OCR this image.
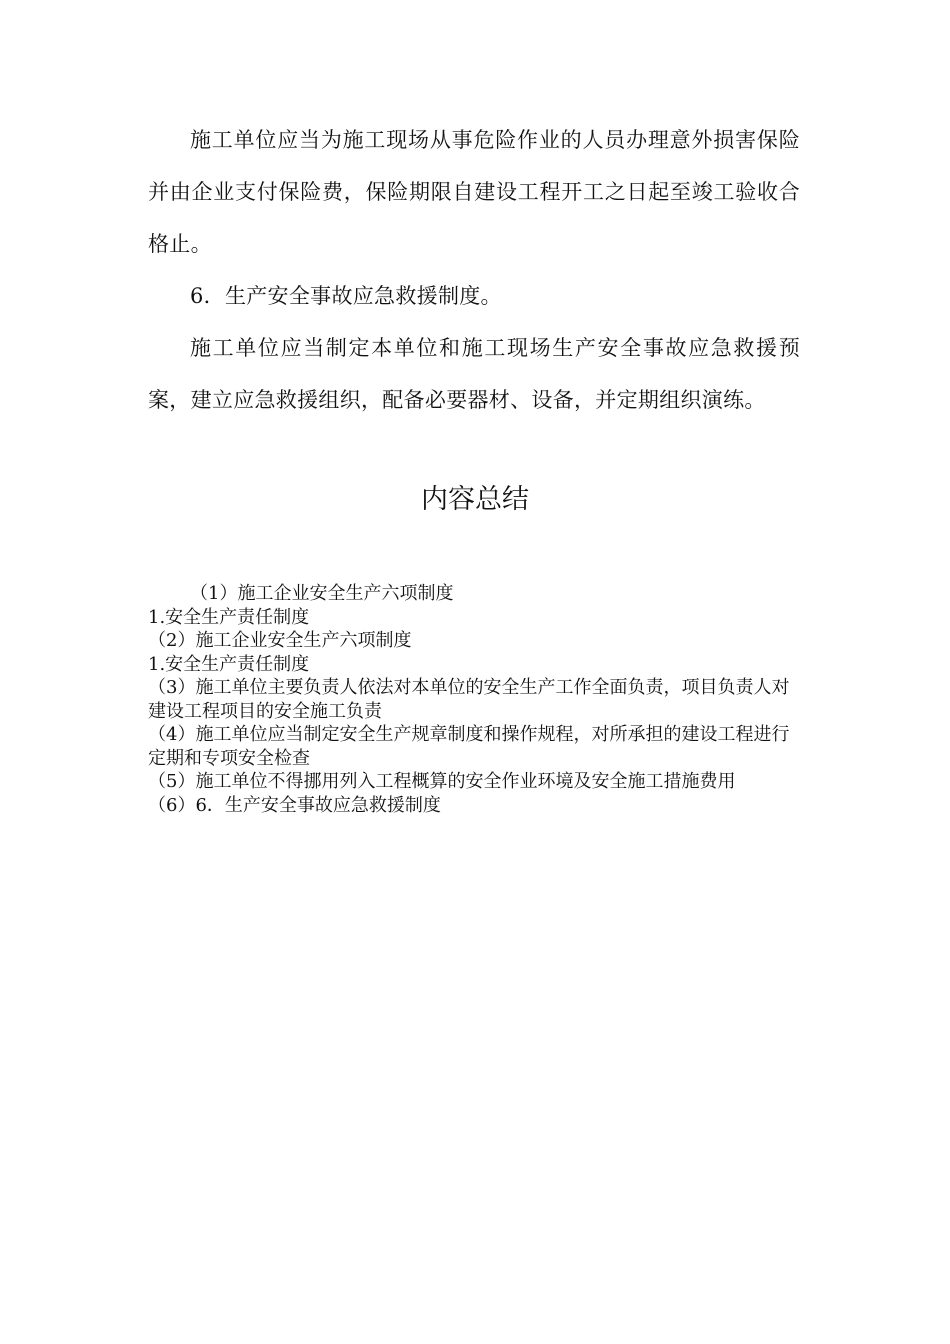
施工单位应当为施工现场从事危险作业的人员办理意外损害保险并由企业支付保险费，保险期限自建设工程开工之日起至竣工验收合格止。

6．生产安全事故应急救援制度。

施工单位应当制定本单位和施工现场生产安全事故应急救援预案，建立应急救援组织，配备必要器材、设备，并定期组织演练。

内容总结
（1）施工企业安全生产六项制度
1.安全生产责任制度
（2）施工企业安全生产六项制度
1.安全生产责任制度
（3）施工单位主要负责人依法对本单位的安全生产工作全面负责，项目负责人对建设工程项目的安全施工负责
（4）施工单位应当制定安全生产规章制度和操作规程，对所承担的建设工程进行定期和专项安全检查
（5）施工单位不得挪用列入工程概算的安全作业环境及安全施工措施费用
（6）6．生产安全事故应急救援制度
